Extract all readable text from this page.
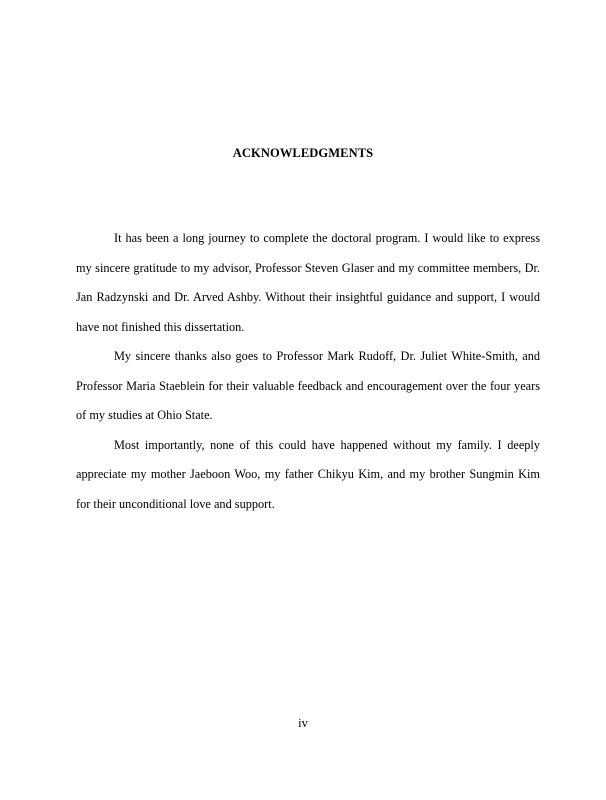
ACKNOWLEDGMENTS

It has been a long journey to complete the doctoral program. I would like to express my sincere gratitude to my advisor, Professor Steven Glaser and my committee members, Dr. Jan Radzynski and Dr. Arved Ashby. Without their insightful guidance and support, I would have not finished this dissertation.

My sincere thanks also goes to Professor Mark Rudoff, Dr. Juliet White-Smith, and Professor Maria Staeblein for their valuable feedback and encouragement over the four years of my studies at Ohio State.

Most importantly, none of this could have happened without my family. I deeply appreciate my mother Jaeboon Woo, my father Chikyu Kim, and my brother Sungmin Kim for their unconditional love and support.

iv
